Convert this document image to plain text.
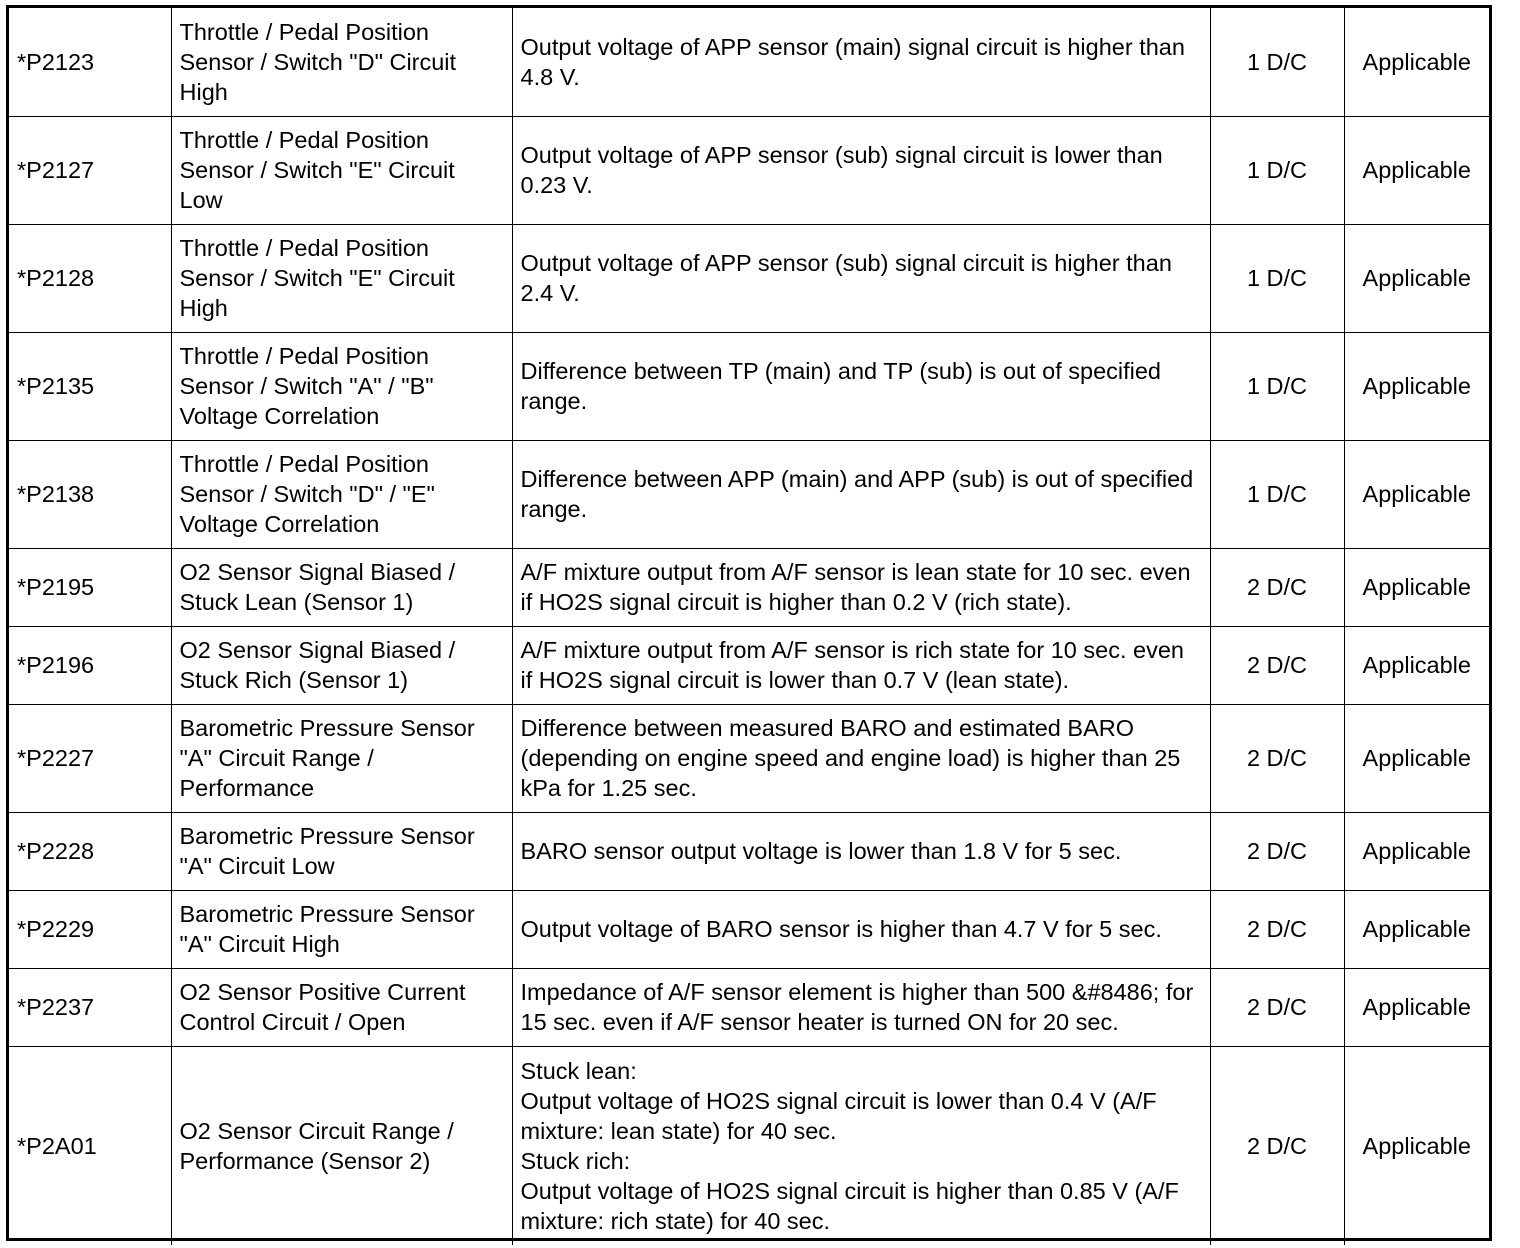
*P2123	Throttle / Pedal Position Sensor / Switch "D" Circuit High	Output voltage of APP sensor (main) signal circuit is higher than 4.8 V.	1 D/C	Applicable
*P2127	Throttle / Pedal Position Sensor / Switch "E" Circuit Low	Output voltage of APP sensor (sub) signal circuit is lower than 0.23 V.	1 D/C	Applicable
*P2128	Throttle / Pedal Position Sensor / Switch "E" Circuit High	Output voltage of APP sensor (sub) signal circuit is higher than 2.4 V.	1 D/C	Applicable
*P2135	Throttle / Pedal Position Sensor / Switch "A" / "B" Voltage Correlation	Difference between TP (main) and TP (sub) is out of specified range.	1 D/C	Applicable
*P2138	Throttle / Pedal Position Sensor / Switch "D" / "E" Voltage Correlation	Difference between APP (main) and APP (sub) is out of specified range.	1 D/C	Applicable
*P2195	O2 Sensor Signal Biased / Stuck Lean (Sensor 1)	A/F mixture output from A/F sensor is lean state for 10 sec. even if HO2S signal circuit is higher than 0.2 V (rich state).	2 D/C	Applicable
*P2196	O2 Sensor Signal Biased / Stuck Rich (Sensor 1)	A/F mixture output from A/F sensor is rich state for 10 sec. even if HO2S signal circuit is lower than 0.7 V (lean state).	2 D/C	Applicable
*P2227	Barometric Pressure Sensor "A" Circuit Range / Performance	Difference between measured BARO and estimated BARO (depending on engine speed and engine load) is higher than 25 kPa for 1.25 sec.	2 D/C	Applicable
*P2228	Barometric Pressure Sensor "A" Circuit Low	BARO sensor output voltage is lower than 1.8 V for 5 sec.	2 D/C	Applicable
*P2229	Barometric Pressure Sensor "A" Circuit High	Output voltage of BARO sensor is higher than 4.7 V for 5 sec.	2 D/C	Applicable
*P2237	O2 Sensor Positive Current Control Circuit / Open	Impedance of A/F sensor element is higher than 500 &#8486; for 15 sec. even if A/F sensor heater is turned ON for 20 sec.	2 D/C	Applicable
*P2A01	O2 Sensor Circuit Range / Performance (Sensor 2)	Stuck lean:
Output voltage of HO2S signal circuit is lower than 0.4 V (A/F mixture: lean state) for 40 sec.
Stuck rich:
Output voltage of HO2S signal circuit is higher than 0.85 V (A/F mixture: rich state) for 40 sec.	2 D/C	Applicable
